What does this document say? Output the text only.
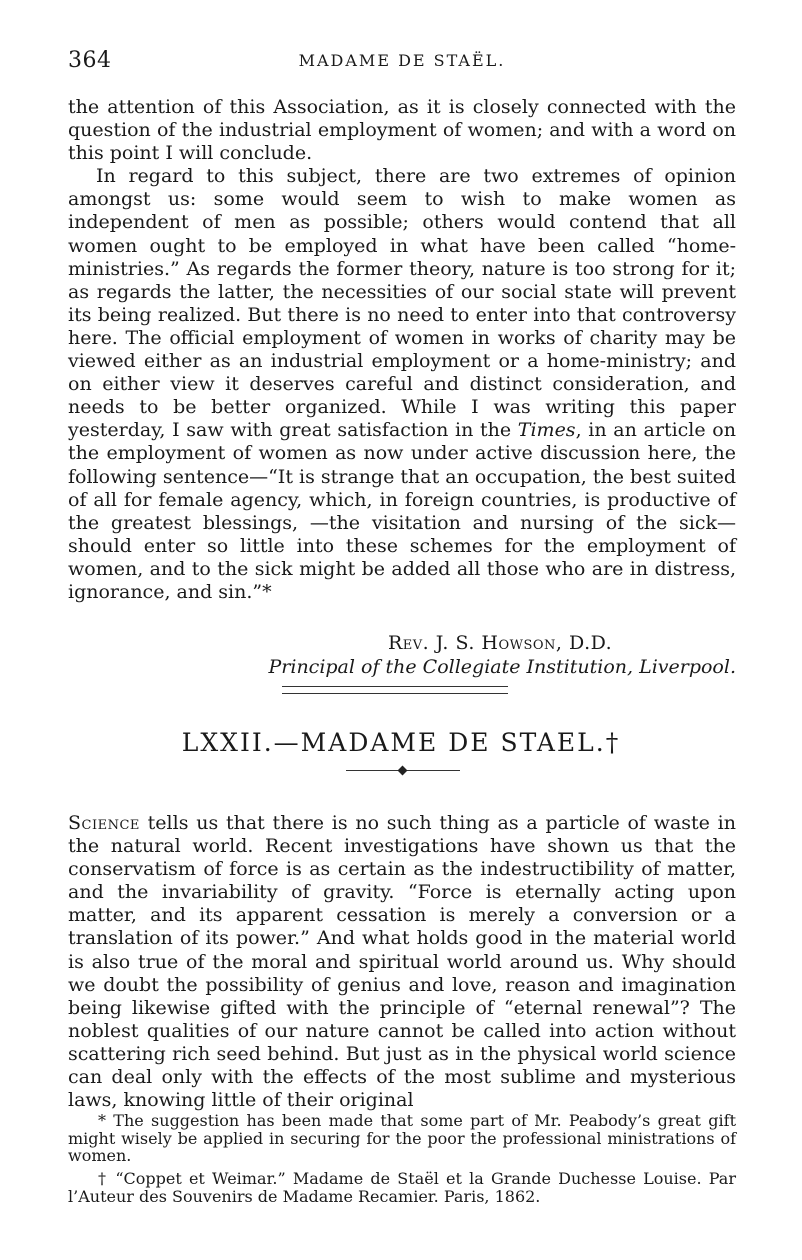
364	MADAME DE STAËL.

the attention of this Association, as it is closely connected with the question of the industrial employment of women; and with a word on this point I will conclude.

In regard to this subject, there are two extremes of opinion amongst us: some would seem to wish to make women as independent of men as possible; others would contend that all women ought to be employed in what have been called “home-ministries.” As regards the former theory, nature is too strong for it; as regards the latter, the necessities of our social state will prevent its being realized. But there is no need to enter into that controversy here. The official employment of women in works of charity may be viewed either as an industrial employment or a home-ministry; and on either view it deserves careful and distinct consideration, and needs to be better organized. While I was writing this paper yesterday, I saw with great satisfaction in the Times, in an article on the employment of women as now under active discussion here, the following sentence—“It is strange that an occupation, the best suited of all for female agency, which, in foreign countries, is productive of the greatest blessings, —the visitation and nursing of the sick—should enter so little into these schemes for the employment of women, and to the sick might be added all those who are in distress, ignorance, and sin.”*

Rev. J. S. Howson, D.D.
Principal of the Collegiate Institution, Liverpool.
LXXII.—MADAME DE STAEL.†

Science tells us that there is no such thing as a particle of waste in the natural world. Recent investigations have shown us that the conservatism of force is as certain as the indestructibility of matter, and the invariability of gravity. “Force is eternally acting upon matter, and its apparent cessation is merely a conversion or a translation of its power.” And what holds good in the material world is also true of the moral and spiritual world around us. Why should we doubt the possibility of genius and love, reason and imagination being likewise gifted with the principle of “eternal renewal”? The noblest qualities of our nature cannot be called into action without scattering rich seed behind. But just as in the physical world science can deal only with the effects of the most sublime and mysterious laws, knowing little of their original

* The suggestion has been made that some part of Mr. Peabody’s great gift might wisely be applied in securing for the poor the professional ministrations of women.

† “Coppet et Weimar.” Madame de Staël et la Grande Duchesse Louise. Par l’Auteur des Souvenirs de Madame Recamier. Paris, 1862.
